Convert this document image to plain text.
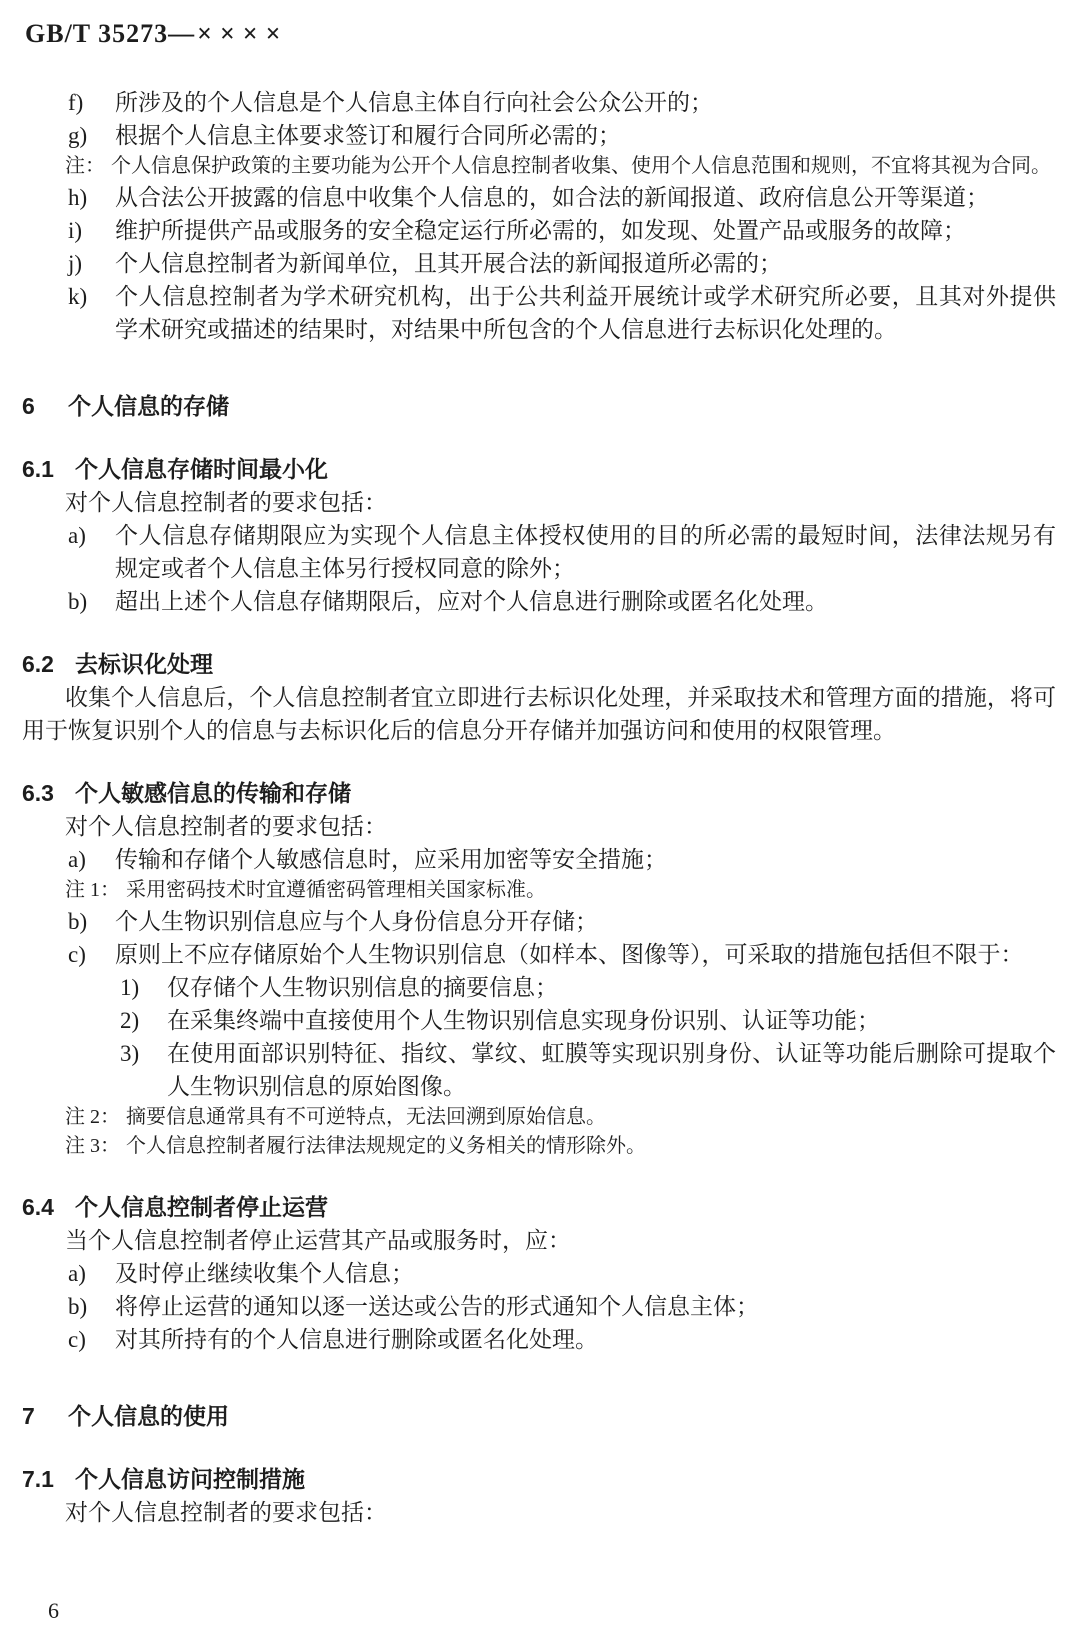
GB/T 35273—××××
f) 所涉及的个人信息是个人信息主体自行向社会公众公开的；
g) 根据个人信息主体要求签订和履行合同所必需的；
注： 个人信息保护政策的主要功能为公开个人信息控制者收集、使用个人信息范围和规则，不宜将其视为合同。
h) 从合法公开披露的信息中收集个人信息的，如合法的新闻报道、政府信息公开等渠道；
i) 维护所提供产品或服务的安全稳定运行所必需的，如发现、处置产品或服务的故障；
j) 个人信息控制者为新闻单位，且其开展合法的新闻报道所必需的；
k) 个人信息控制者为学术研究机构，出于公共利益开展统计或学术研究所必要，且其对外提供学术研究或描述的结果时，对结果中所包含的个人信息进行去标识化处理的。
6 个人信息的存储
6.1 个人信息存储时间最小化
对个人信息控制者的要求包括：
a) 个人信息存储期限应为实现个人信息主体授权使用的目的所必需的最短时间，法律法规另有规定或者个人信息主体另行授权同意的除外；
b) 超出上述个人信息存储期限后，应对个人信息进行删除或匿名化处理。
6.2 去标识化处理
收集个人信息后，个人信息控制者宜立即进行去标识化处理，并采取技术和管理方面的措施，将可用于恢复识别个人的信息与去标识化后的信息分开存储并加强访问和使用的权限管理。
6.3 个人敏感信息的传输和存储
对个人信息控制者的要求包括：
a) 传输和存储个人敏感信息时，应采用加密等安全措施；
注 1： 采用密码技术时宜遵循密码管理相关国家标准。
b) 个人生物识别信息应与个人身份信息分开存储；
c) 原则上不应存储原始个人生物识别信息（如样本、图像等），可采取的措施包括但不限于：
1) 仅存储个人生物识别信息的摘要信息；
2) 在采集终端中直接使用个人生物识别信息实现身份识别、认证等功能；
3) 在使用面部识别特征、指纹、掌纹、虹膜等实现识别身份、认证等功能后删除可提取个人生物识别信息的原始图像。
注 2： 摘要信息通常具有不可逆特点，无法回溯到原始信息。
注 3： 个人信息控制者履行法律法规规定的义务相关的情形除外。
6.4 个人信息控制者停止运营
当个人信息控制者停止运营其产品或服务时，应：
a) 及时停止继续收集个人信息；
b) 将停止运营的通知以逐一送达或公告的形式通知个人信息主体；
c) 对其所持有的个人信息进行删除或匿名化处理。
7 个人信息的使用
7.1 个人信息访问控制措施
对个人信息控制者的要求包括：
6
